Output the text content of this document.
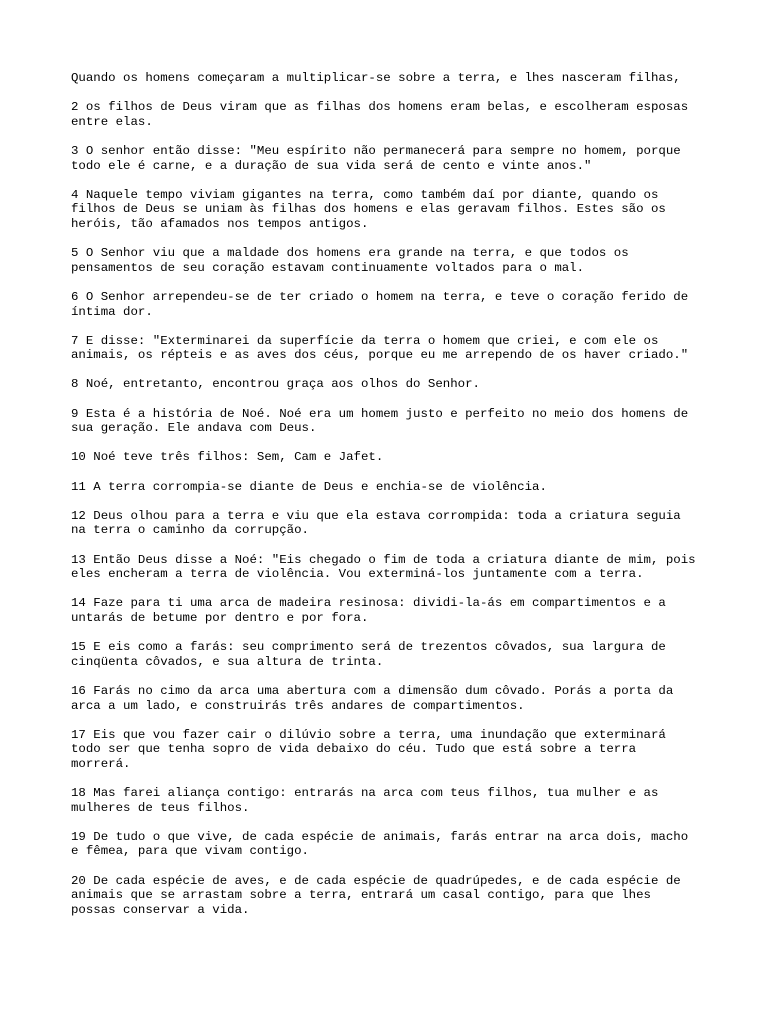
Quando os homens começaram a multiplicar-se sobre a terra, e lhes nasceram filhas,

2 os filhos de Deus viram que as filhas dos homens eram belas, e escolheram esposas entre elas.

3 O senhor então disse: "Meu espírito não permanecerá para sempre no homem, porque todo ele é carne, e a duração de sua vida será de cento e vinte anos."

4 Naquele tempo viviam gigantes na terra, como também daí por diante, quando os filhos de Deus se uniam às filhas dos homens e elas geravam filhos. Estes são os heróis, tão afamados nos tempos antigos.

5 O Senhor viu que a maldade dos homens era grande na terra, e que todos os pensamentos de seu coração estavam continuamente voltados para o mal.

6 O Senhor arrependeu-se de ter criado o homem na terra, e teve o coração ferido de íntima dor.

7 E disse: "Exterminarei da superfície da terra o homem que criei, e com ele os animais, os répteis e as aves dos céus, porque eu me arrependo de os haver criado."

8 Noé, entretanto, encontrou graça aos olhos do Senhor.

9 Esta é a história de Noé. Noé era um homem justo e perfeito no meio dos homens de sua geração. Ele andava com Deus.

10 Noé teve três filhos: Sem, Cam e Jafet.

11 A terra corrompia-se diante de Deus e enchia-se de violência.

12 Deus olhou para a terra e viu que ela estava corrompida: toda a criatura seguia na terra o caminho da corrupção.

13 Então Deus disse a Noé: "Eis chegado o fim de toda a criatura diante de mim, pois eles encheram a terra de violência. Vou exterminá-los juntamente com a terra.

14 Faze para ti uma arca de madeira resinosa: dividi-la-ás em compartimentos e a untarás de betume por dentro e por fora.

15 E eis como a farás: seu comprimento será de trezentos côvados, sua largura de cinqüenta côvados, e sua altura de trinta.

16 Farás no cimo da arca uma abertura com a dimensão dum côvado. Porás a porta da arca a um lado, e construirás três andares de compartimentos.

17 Eis que vou fazer cair o dilúvio sobre a terra, uma inundação que exterminará todo ser que tenha sopro de vida debaixo do céu. Tudo que está sobre a terra morrerá.

18 Mas farei aliança contigo: entrarás na arca com teus filhos, tua mulher e as mulheres de teus filhos.

19 De tudo o que vive, de cada espécie de animais, farás entrar na arca dois, macho e fêmea, para que vivam contigo.

20 De cada espécie de aves, e de cada espécie de quadrúpedes, e de cada espécie de animais que se arrastam sobre a terra, entrará um casal contigo, para que lhes possas conservar a vida.
